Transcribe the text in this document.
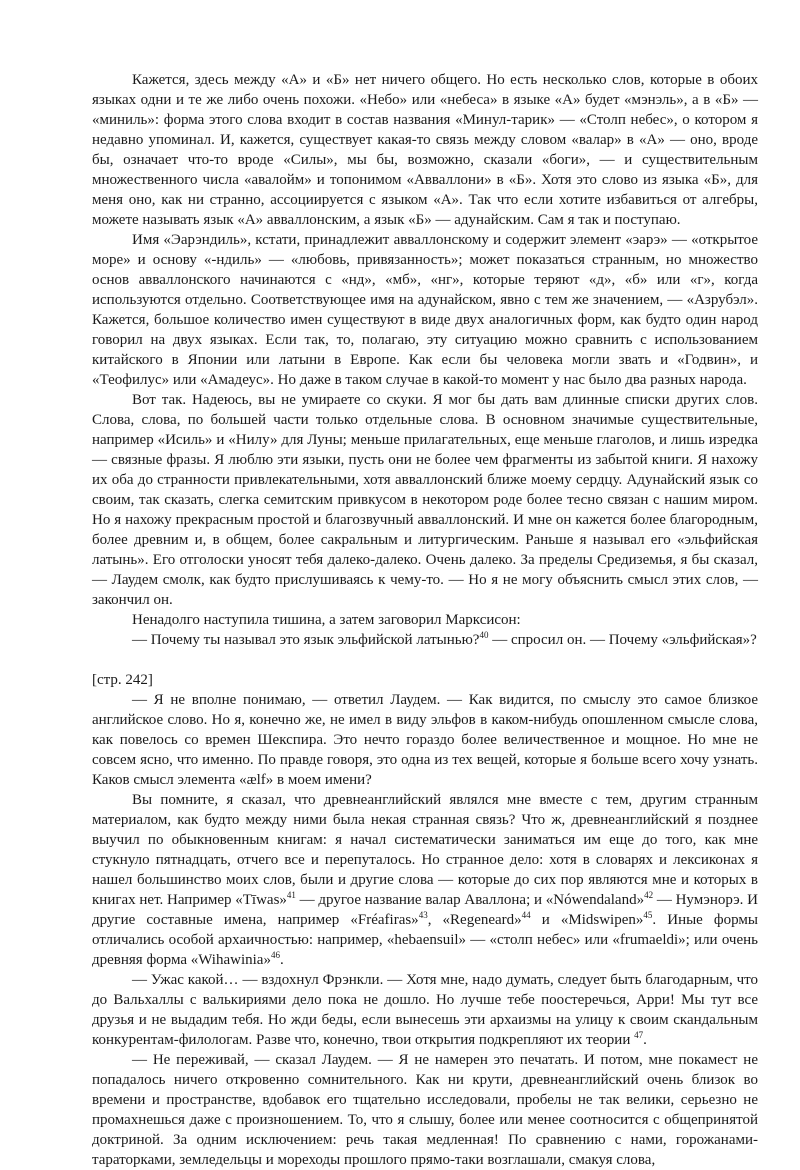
Кажется, здесь между «А» и «Б» нет ничего общего. Но есть несколько слов, которые в обоих языках одни и те же либо очень похожи. «Небо» или «небеса» в языке «А» будет «мэнэль», а в «Б» — «миниль»: форма этого слова входит в состав названия «Минул-тарик» — «Столп небес», о котором я недавно упоминал. И, кажется, существует какая-то связь между словом «валар» в «А» — оно, вроде бы, означает что-то вроде «Силы», мы бы, возможно, сказали «боги», — и существительным множественного числа «авалойм» и топонимом «Авваллони» в «Б». Хотя это слово из языка «Б», для меня оно, как ни странно, ассоциируется с языком «А». Так что если хотите избавиться от алгебры, можете называть язык «А» авваллонским, а язык «Б» — адунайским. Сам я так и поступаю.

Имя «Эарэндиль», кстати, принадлежит авваллонскому и содержит элемент «эарэ» — «открытое море» и основу «-ндиль» — «любовь, привязанность»; может показаться странным, но множество основ авваллонского начинаются с «нд», «мб», «нг», которые теряют «д», «б» или «г», когда используются отдельно. Соответствующее имя на адунайском, явно с тем же значением, — «Азрубэл». Кажется, большое количество имен существуют в виде двух аналогичных форм, как будто один народ говорил на двух языках. Если так, то, полагаю, эту ситуацию можно сравнить с использованием китайского в Японии или латыни в Европе. Как если бы человека могли звать и «Годвин», и «Теофилус» или «Амадеус». Но даже в таком случае в какой-то момент у нас было два разных народа.

Вот так. Надеюсь, вы не умираете со скуки. Я мог бы дать вам длинные списки других слов. Слова, слова, по большей части только отдельные слова. В основном значимые существительные, например «Исиль» и «Нилу» для Луны; меньше прилагательных, еще меньше глаголов, и лишь изредка — связные фразы. Я люблю эти языки, пусть они не более чем фрагменты из забытой книги. Я нахожу их оба до странности привлекательными, хотя авваллонский ближе моему сердцу. Адунайский язык со своим, так сказать, слегка семитским привкусом в некотором роде более тесно связан с нашим миром. Но я нахожу прекрасным простой и благозвучный авваллонский. И мне он кажется более благородным, более древним и, в общем, более сакральным и литургическим. Раньше я называл его «эльфийская латынь». Его отголоски уносят тебя далеко-далеко. Очень далеко. За пределы Средиземья, я бы сказал, — Лаудем смолк, как будто прислушиваясь к чему-то. — Но я не могу объяснить смысл этих слов, — закончил он.

Ненадолго наступила тишина, а затем заговорил Марксисон:

— Почему ты называл это язык эльфийской латынью?$^{40}$ — спросил он. — Почему «эльфийская»?

[стр. 242]

— Я не вполне понимаю, — ответил Лаудем. — Как видится, по смыслу это самое близкое английское слово. Но я, конечно же, не имел в виду эльфов в каком-нибудь опошленном смысле слова, как повелось со времен Шекспира. Это нечто гораздо более величественное и мощное. Но мне не совсем ясно, что именно. По правде говоря, это одна из тех вещей, которые я больше всего хочу узнать. Каков смысл элемента «ælf» в моем имени?

Вы помните, я сказал, что древнеанглийский являлся мне вместе с тем, другим странным материалом, как будто между ними была некая странная связь? Что ж, древнеанглийский я позднее выучил по обыкновенным книгам: я начал систематически заниматься им еще до того, как мне стукнуло пятнадцать, отчего все и перепуталось. Но странное дело: хотя в словарях и лексиконах я нашел большинство моих слов, были и другие слова — которые до сих пор являются мне и которых в книгах нет. Например «Tīwas»$^{41}$ — другое название валар Аваллона; и «Nówendaland»$^{42}$ — Нумэнорэ. И другие составные имена, например «Fréafiras»$^{43}$, «Regeneard»$^{44}$ и «Midswipen»$^{45}$. Иные формы отличались особой архаичностью: например, «hebaensuil» — «столп небес» или «frumaeldi»; или очень древняя форма «Wihawinia»$^{46}$.

— Ужас какой… — вздохнул Фрэнкли. — Хотя мне, надо думать, следует быть благодарным, что до Вальхаллы с валькириями дело пока не дошло. Но лучше тебе поостеречься, Арри! Мы тут все друзья и не выдадим тебя. Но жди беды, если вынесешь эти архаизмы на улицу к своим скандальным конкурентам-филологам. Разве что, конечно, твои открытия подкрепляют их теории $^{47}$.

— Не переживай, — сказал Лаудем. — Я не намерен это печатать. И потом, мне покамест не попадалось ничего откровенно сомнительного. Как ни крути, древнеанглийский очень близок во времени и пространстве, вдобавок его тщательно исследовали, пробелы не так велики, серьезно не промахнешься даже с произношением. То, что я слышу, более или менее соотносится с общепринятой доктриной. За одним исключением: речь такая медленная! По сравнению с нами, горожанами-тараторками, земледельцы и мореходы прошлого прямо-таки возглашали, смакуя слова,
